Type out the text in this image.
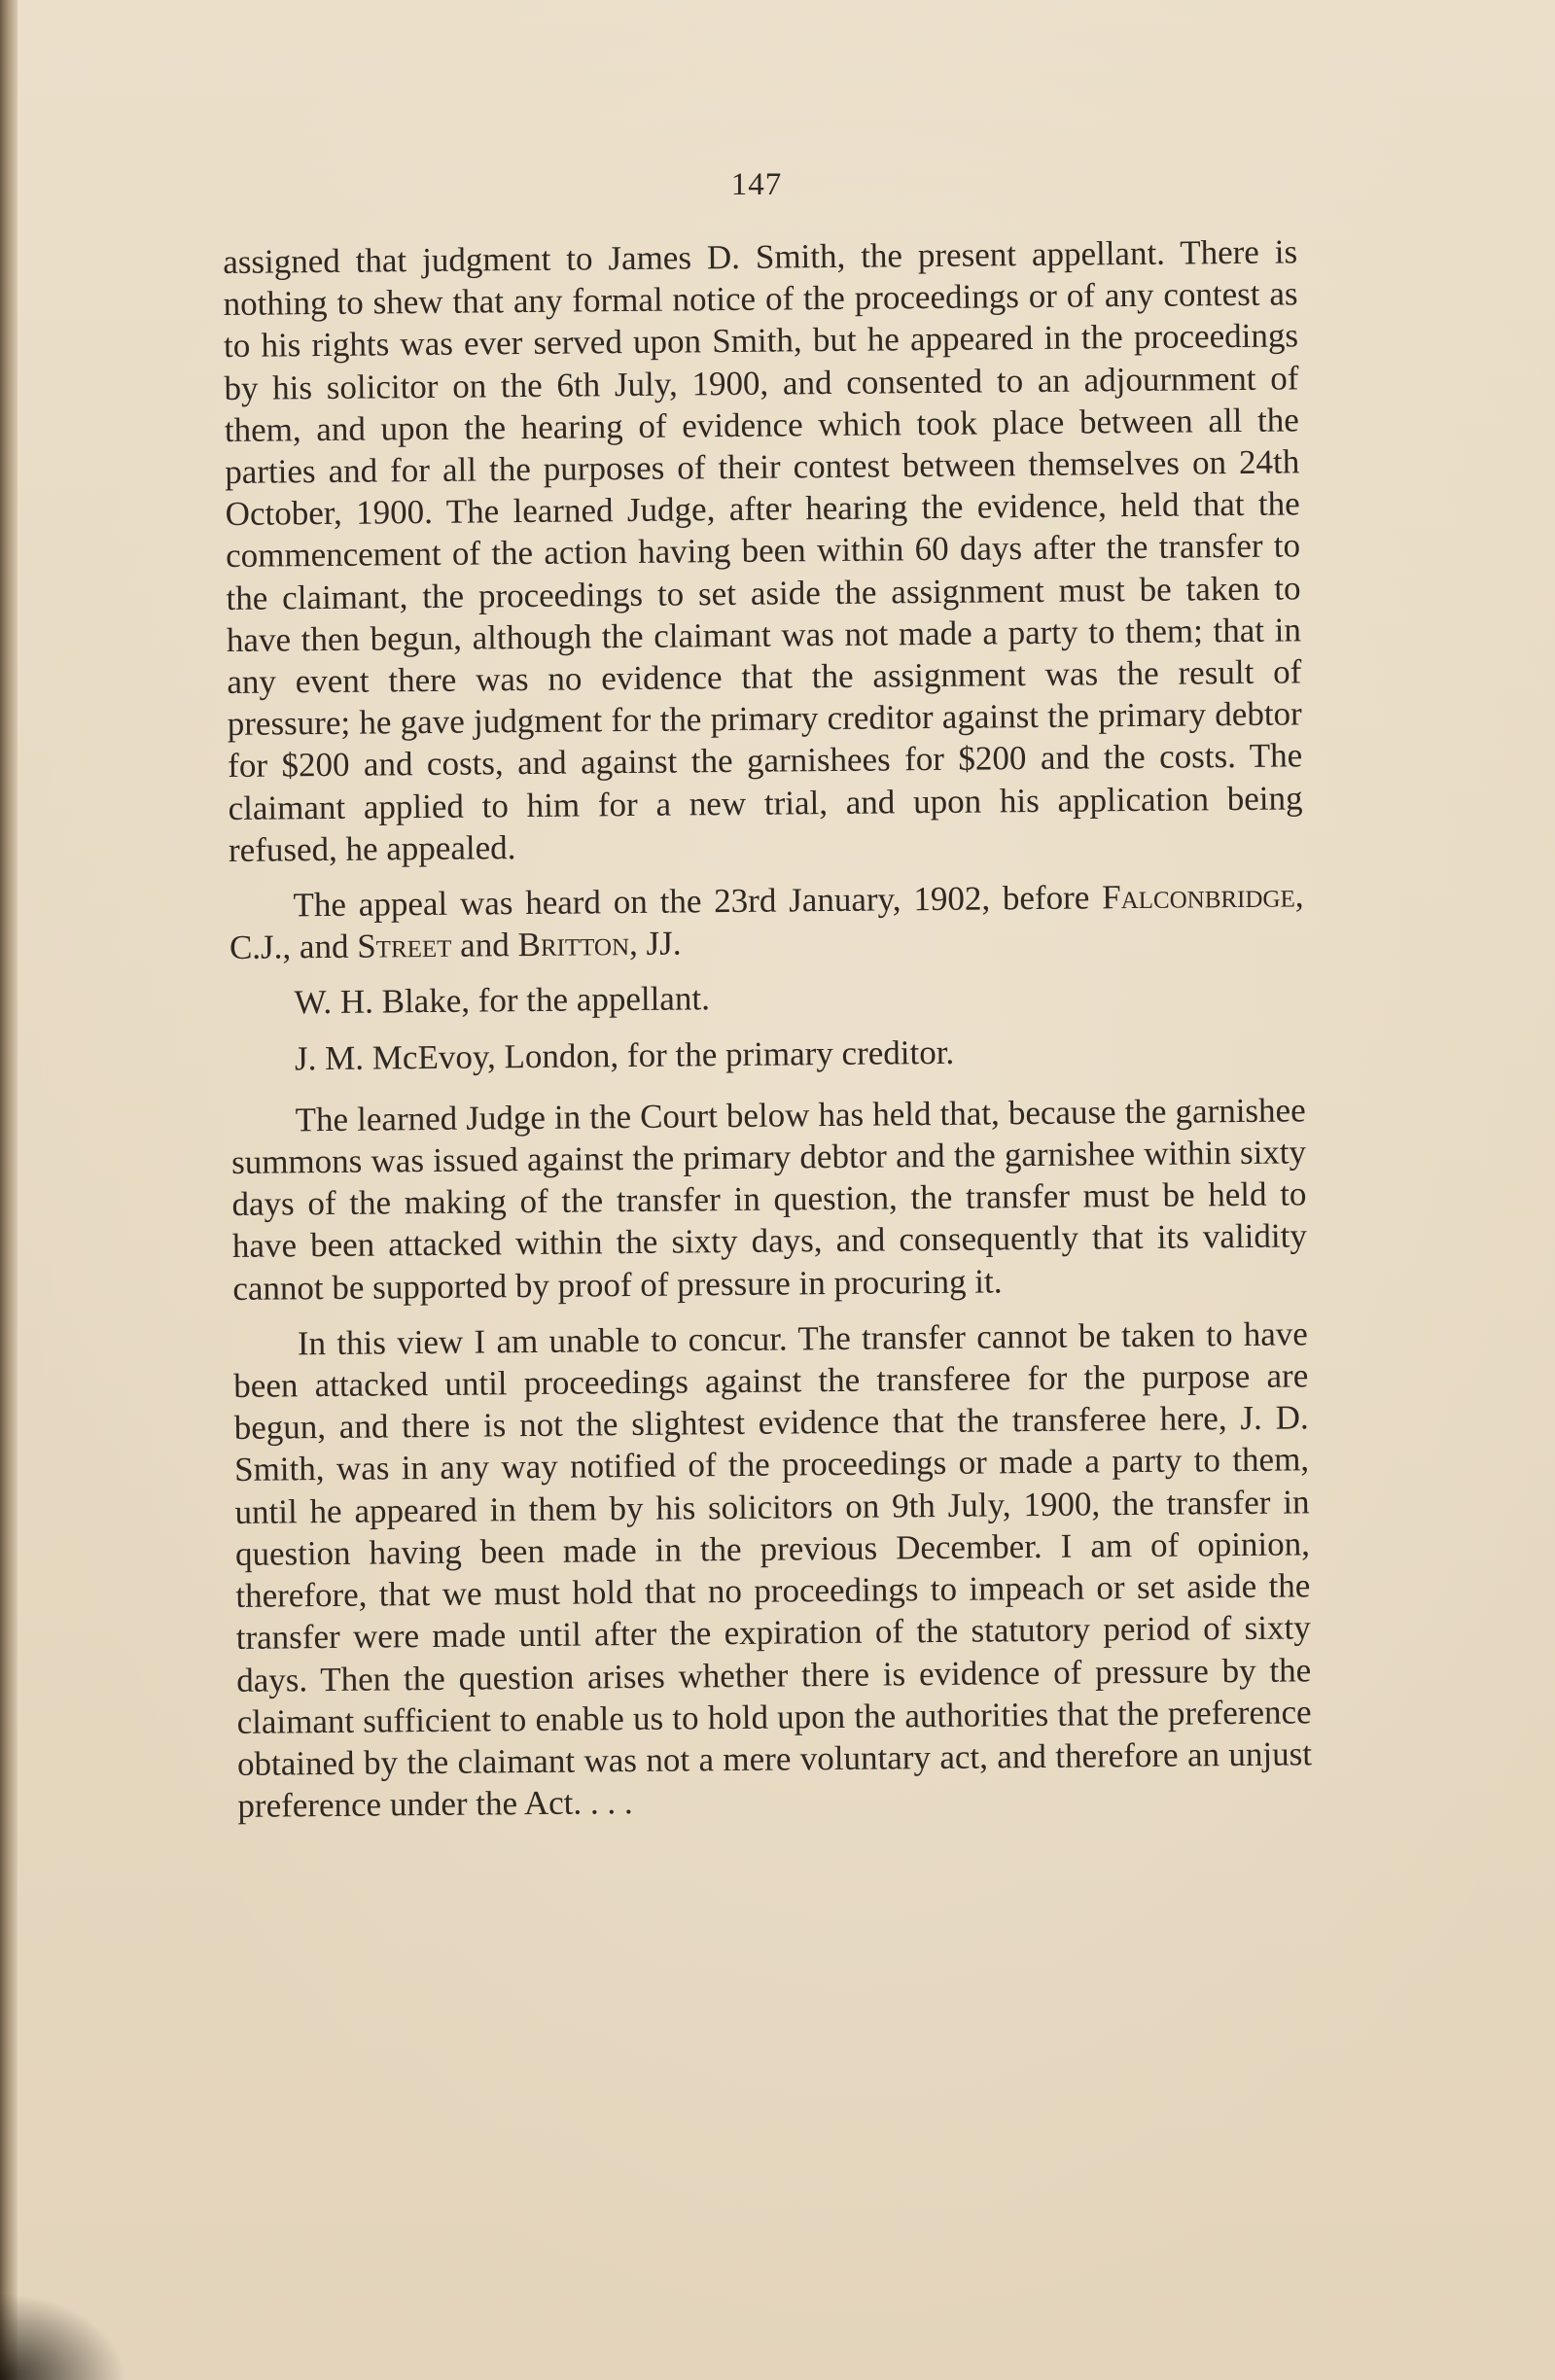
147

assigned that judgment to James D. Smith, the present appellant. There is nothing to shew that any formal notice of the proceedings or of any contest as to his rights was ever served upon Smith, but he appeared in the proceedings by his solicitor on the 6th July, 1900, and consented to an adjournment of them, and upon the hearing of evidence which took place between all the parties and for all the purposes of their contest between themselves on 24th October, 1900. The learned Judge, after hearing the evidence, held that the commencement of the action having been within 60 days after the transfer to the claimant, the proceedings to set aside the assignment must be taken to have then begun, although the claimant was not made a party to them; that in any event there was no evidence that the assignment was the result of pressure; he gave judgment for the primary creditor against the primary debtor for $200 and costs, and against the garnishees for $200 and the costs. The claimant applied to him for a new trial, and upon his application being refused, he appealed.

The appeal was heard on the 23rd January, 1902, before Falconbridge, C.J., and Street and Britton, JJ.

W. H. Blake, for the appellant.

J. M. McEvoy, London, for the primary creditor.

The learned Judge in the Court below has held that, because the garnishee summons was issued against the primary debtor and the garnishee within sixty days of the making of the transfer in question, the transfer must be held to have been attacked within the sixty days, and consequently that its validity cannot be supported by proof of pressure in procuring it.

In this view I am unable to concur. The transfer cannot be taken to have been attacked until proceedings against the transferee for the purpose are begun, and there is not the slightest evidence that the transferee here, J. D. Smith, was in any way notified of the proceedings or made a party to them, until he appeared in them by his solicitors on 9th July, 1900, the transfer in question having been made in the previous December. I am of opinion, therefore, that we must hold that no proceedings to impeach or set aside the transfer were made until after the expiration of the statutory period of sixty days. Then the question arises whether there is evidence of pressure by the claimant sufficient to enable us to hold upon the authorities that the preference obtained by the claimant was not a mere voluntary act, and therefore an unjust preference under the Act. . . .
